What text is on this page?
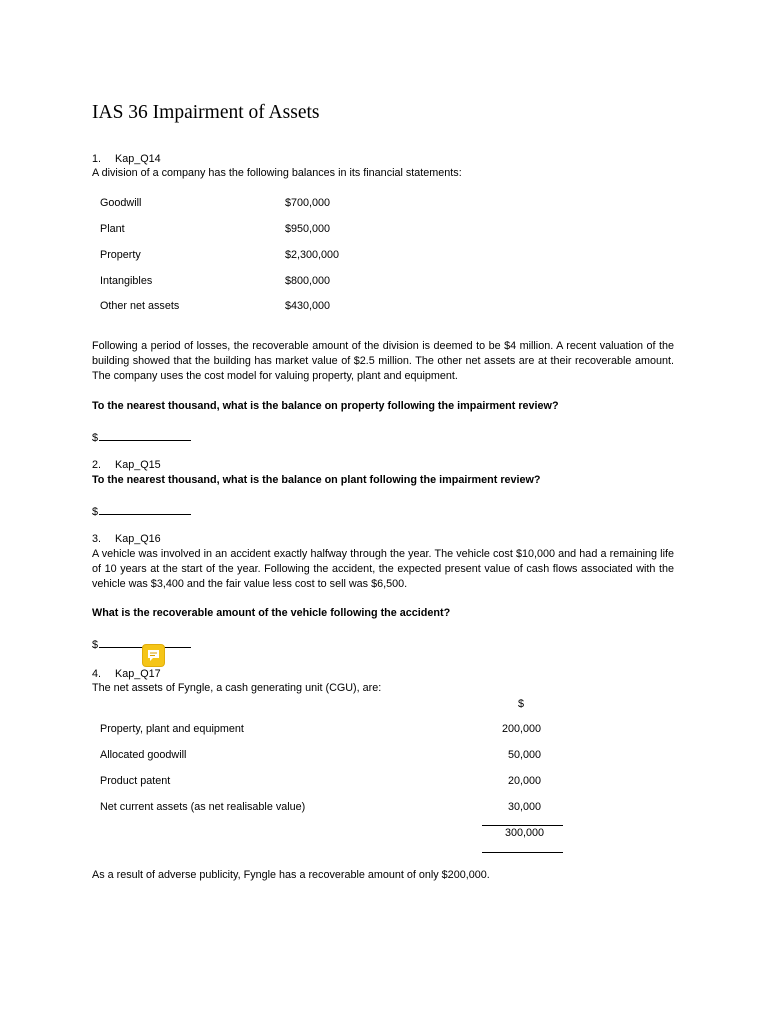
IAS 36 Impairment of Assets
1. Kap_Q14
A division of a company has the following balances in its financial statements:
Goodwill	$700,000
Plant	$950,000
Property	$2,300,000
Intangibles	$800,000
Other net assets	$430,000
Following a period of losses, the recoverable amount of the division is deemed to be $4 million. A recent valuation of the building showed that the building has market value of $2.5 million. The other net assets are at their recoverable amount. The company uses the cost model for valuing property, plant and equipment.
To the nearest thousand, what is the balance on property following the impairment review?
$
2. Kap_Q15
To the nearest thousand, what is the balance on plant following the impairment review?
$
3. Kap_Q16
A vehicle was involved in an accident exactly halfway through the year. The vehicle cost $10,000 and had a remaining life of 10 years at the start of the year. Following the accident, the expected present value of cash flows associated with the vehicle was $3,400 and the fair value less cost to sell was $6,500.
What is the recoverable amount of the vehicle following the accident?
$
4. Kap_Q17
The net assets of Fyngle, a cash generating unit (CGU), are:
$
Property, plant and equipment	200,000
Allocated goodwill	50,000
Product patent	20,000
Net current assets (as net realisable value)	30,000
300,000
As a result of adverse publicity, Fyngle has a recoverable amount of only $200,000.
